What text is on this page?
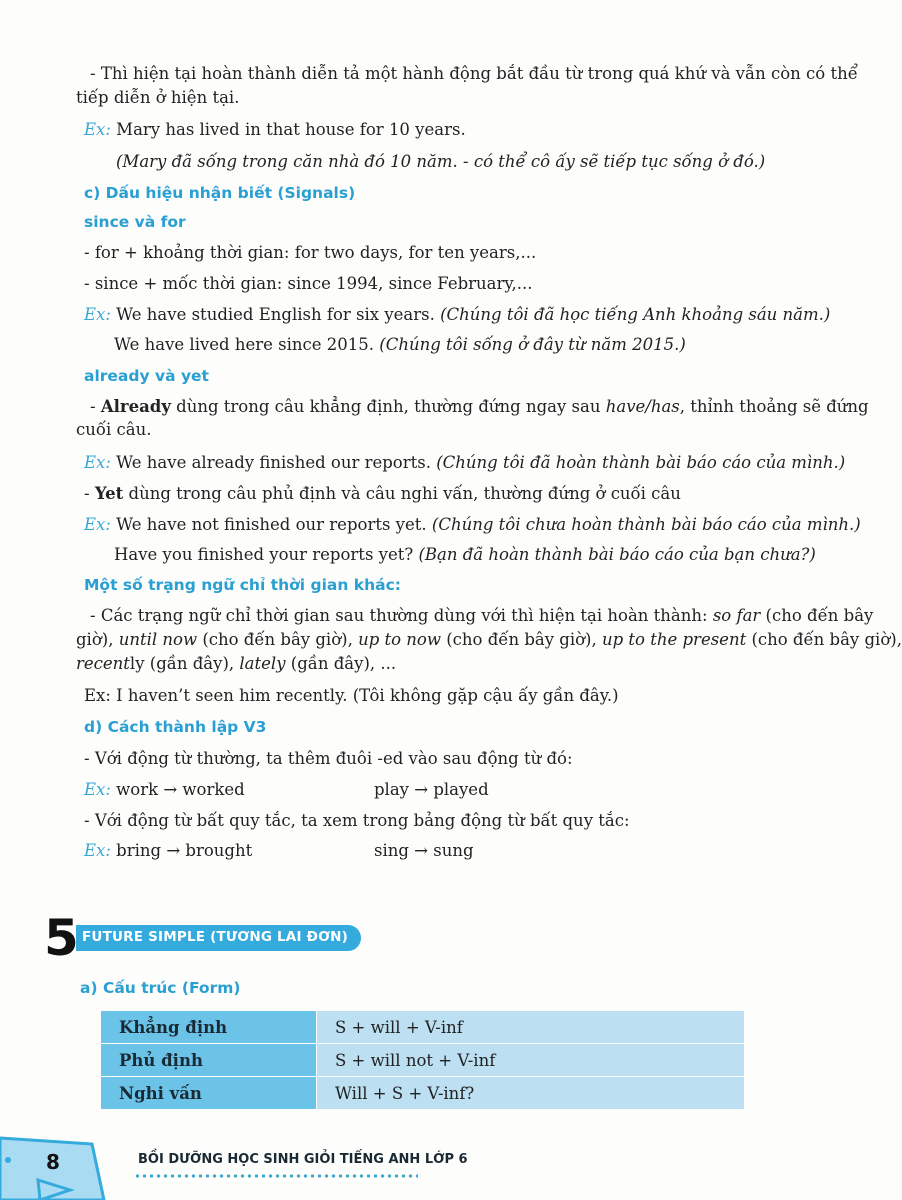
- Thì hiện tại hoàn thành diễn tả một hành động bắt đầu từ trong quá khứ và vẫn còn có thể
tiếp diễn ở hiện tại.
Ex: Mary has lived in that house for 10 years.
(Mary đã sống trong căn nhà đó 10 năm. - có thể cô ấy sẽ tiếp tục sống ở đó.)
c) Dấu hiệu nhận biết (Signals)
since và for
- for + khoảng thời gian: for two days, for ten years,...
- since + mốc thời gian: since 1994, since February,...
Ex: We have studied English for six years. (Chúng tôi đã học tiếng Anh khoảng sáu năm.)
We have lived here since 2015. (Chúng tôi sống ở đây từ năm 2015.)
already và yet
- Already dùng trong câu khẳng định, thường đứng ngay sau have/has, thỉnh thoảng sẽ đứng
cuối câu.
Ex: We have already finished our reports. (Chúng tôi đã hoàn thành bài báo cáo của mình.)
- Yet dùng trong câu phủ định và câu nghi vấn, thường đứng ở cuối câu
Ex: We have not finished our reports yet. (Chúng tôi chưa hoàn thành bài báo cáo của mình.)
Have you finished your reports yet? (Bạn đã hoàn thành bài báo cáo của bạn chưa?)
Một số trạng ngữ chỉ thời gian khác:
- Các trạng ngữ chỉ thời gian sau thường dùng với thì hiện tại hoàn thành: so far (cho đến bây
giờ), until now (cho đến bây giờ), up to now (cho đến bây giờ), up to the present (cho đến bây giờ),
recently (gần đây), lately (gần đây), ...
Ex: I haven’t seen him recently. (Tôi không gặp cậu ấy gần đây.)
d) Cách thành lập V3
- Với động từ thường, ta thêm đuôi -ed vào sau động từ đó:
Ex: work → worked	play → played
- Với động từ bất quy tắc, ta xem trong bảng động từ bất quy tắc:
Ex: bring → brought	sing → sung
FUTURE SIMPLE (TƯƠNG LAI ĐƠN)
5
a) Cấu trúc (Form)
Khẳng định	S + will + V-inf
Phủ định	S + will not + V-inf
Nghi vấn	Will + S + V-inf?
8	BỒI DƯỠNG HỌC SINH GIỎI TIẾNG ANH LỚP 6
